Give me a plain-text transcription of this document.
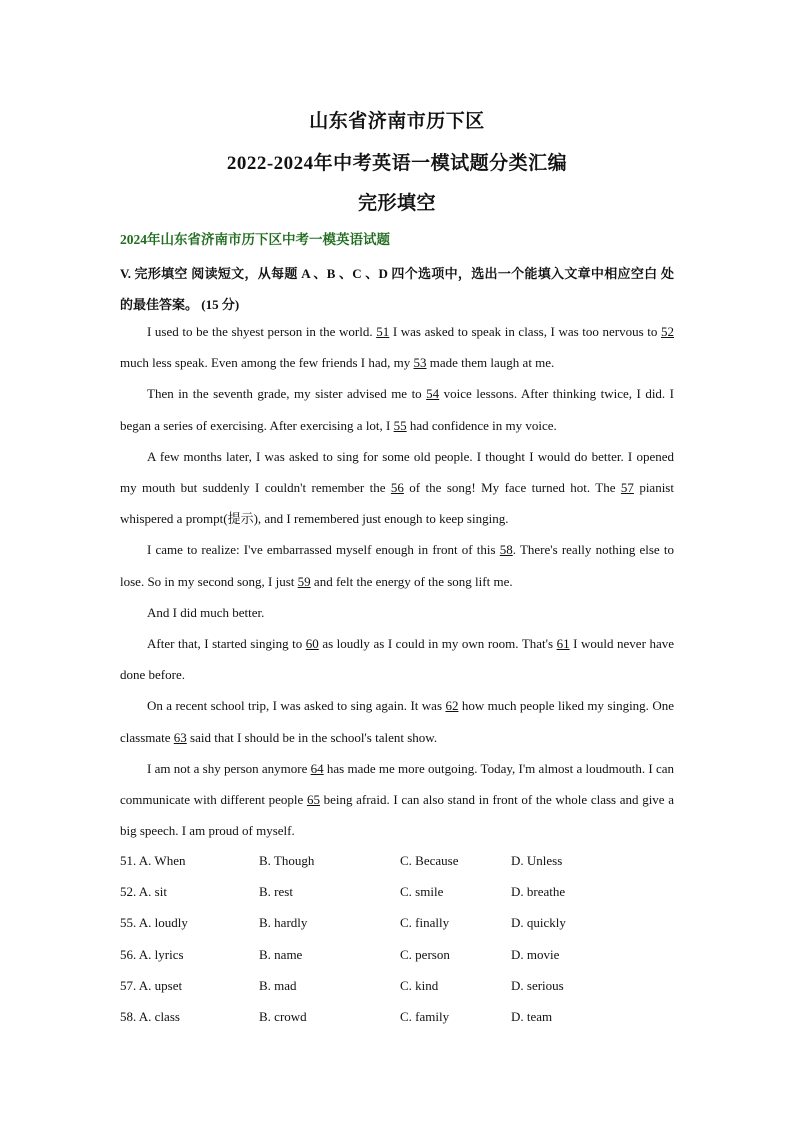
山东省济南市历下区
2022-2024年中考英语一模试题分类汇编
完形填空
2024年山东省济南市历下区中考一模英语试题
V. 完形填空 阅读短文，从每题 A 、B 、C 、D 四个选项中，选出一个能填入文章中相应空白 处的最佳答案。 (15 分)

I used to be the shyest person in the world. 51 I was asked to speak in class, I was too nervous to 52 much less speak. Even among the few friends I had, my 53 made them laugh at me.

Then in the seventh grade, my sister advised me to 54 voice lessons. After thinking twice, I did. I began a series of exercising. After exercising a lot, I 55 had confidence in my voice.

A few months later, I was asked to sing for some old people. I thought I would do better. I opened my mouth but suddenly I couldn't remember the 56 of the song! My face turned hot. The 57 pianist whispered a prompt(提示), and I remembered just enough to keep singing.

I came to realize: I've embarrassed myself enough in front of this 58. There's really nothing else to lose. So in my second song, I just 59 and felt the energy of the song lift me.

And I did much better.

After that, I started singing to 60 as loudly as I could in my own room. That's 61 I would never have done before.

On a recent school trip, I was asked to sing again. It was 62 how much people liked my singing. One classmate 63 said that I should be in the school's talent show.

I am not a shy person anymore 64 has made me more outgoing. Today, I'm almost a loudmouth. I can communicate with different people 65 being afraid. I can also stand in front of the whole class and give a big speech. I am proud of myself.

51. A. When	B. Though	C. Because	D. Unless
52. A. sit	B. rest	C. smile	D. breathe
55. A. loudly	B. hardly	C. finally	D. quickly
56. A. lyrics	B. name	C. person	D. movie
57. A. upset	B. mad	C. kind	D. serious
58. A. class	B. crowd	C. family	D. team
